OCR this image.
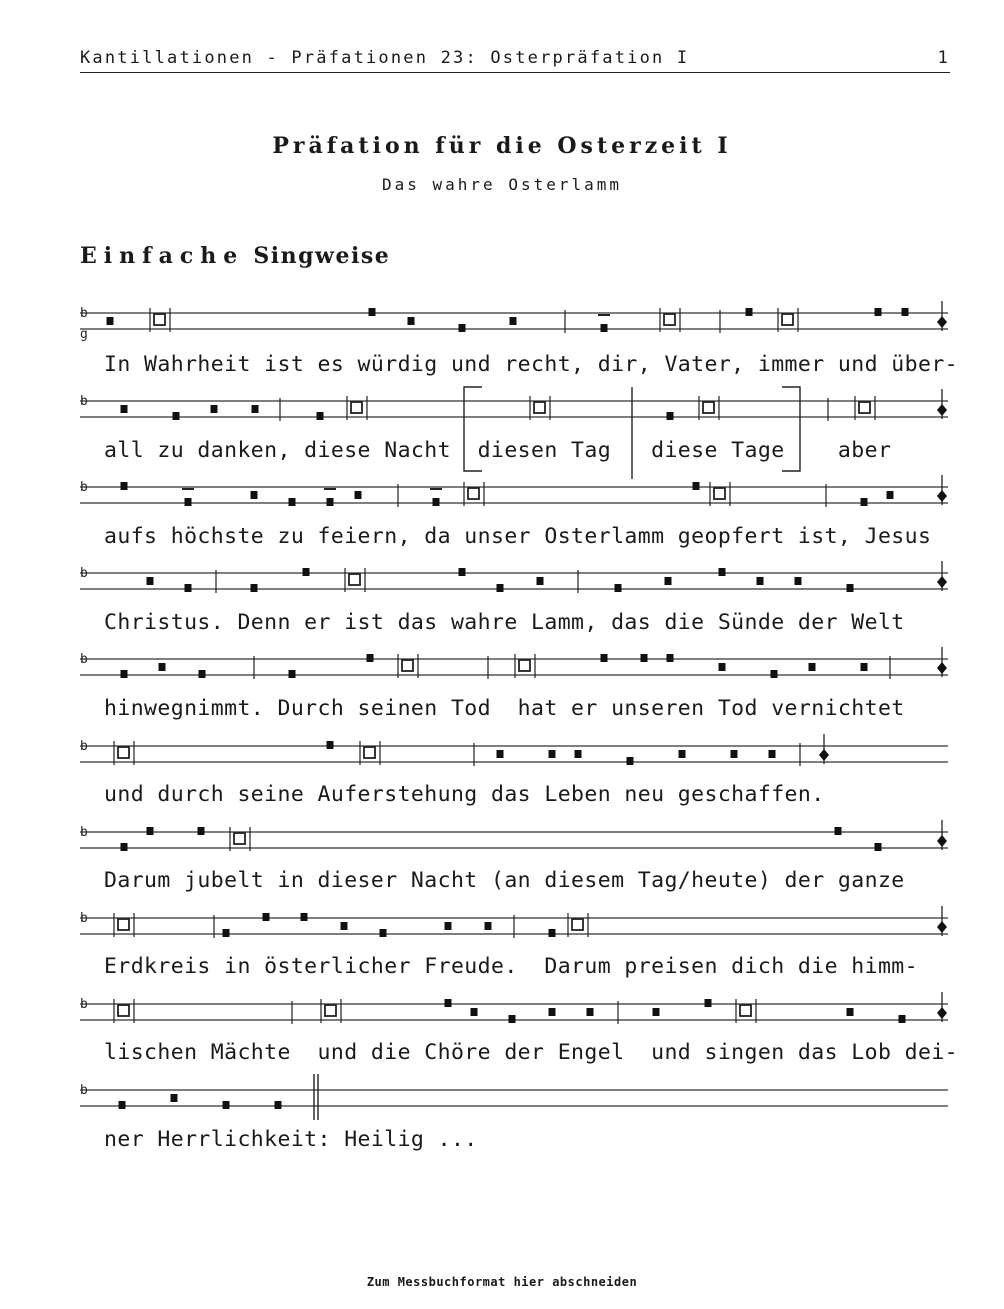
Kantillationen - Präfationen 23: Osterpräfation I	1
Präfation für die Osterzeit I
Das wahre Osterlamm
Einfache Singweise
b
g
b
b
b
b
b
b
b
b
b
In Wahrheit ist es würdig und recht, dir, Vater, immer und über-
all zu danken, diese Nacht  diesen Tag   diese Tage    aber
aufs höchste zu feiern, da unser Osterlamm geopfert ist, Jesus
Christus. Denn er ist das wahre Lamm, das die Sünde der Welt
hinwegnimmt. Durch seinen Tod  hat er unseren Tod vernichtet
und durch seine Auferstehung das Leben neu geschaffen.
Darum jubelt in dieser Nacht (an diesem Tag/heute) der ganze
Erdkreis in österlicher Freude.  Darum preisen dich die himm-
lischen Mächte  und die Chöre der Engel  und singen das Lob dei-
ner Herrlichkeit: Heilig ...
Zum Messbuchformat hier abschneiden
